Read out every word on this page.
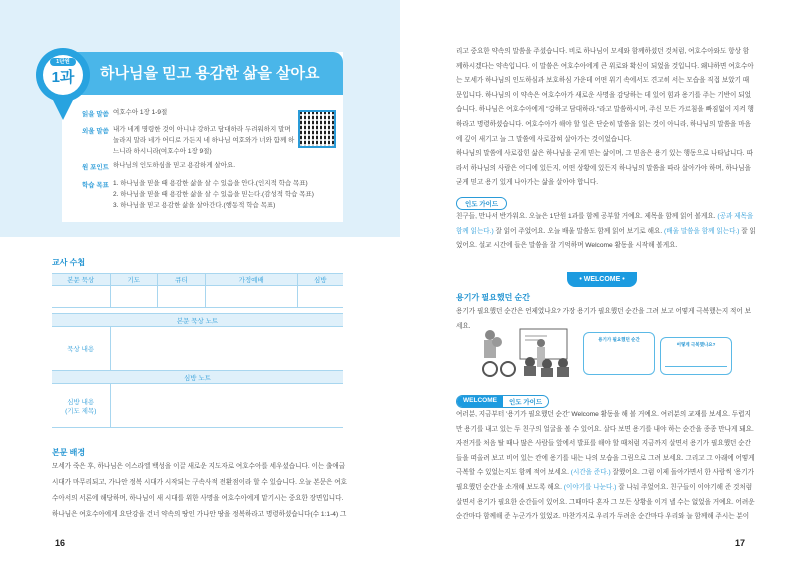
하나님을 믿고 용감한 삶을 살아요
1단원
1과
읽을 말씀 여호수아 1장 1-9절
외울 말씀 내가 네게 명령한 것이 아니냐 강하고 담대하라 두려워하지 말며
놀라지 말라 네가 어디로 가든지 네 하나님 여호와가 너와 함께 하
느니라 하시니라(여호수아 1장 9절)
원 포인트 하나님의 인도하심을 믿고 용감하게 살아요.
학습 목표 1. 하나님을 믿을 때 용감한 삶을 살 수 있음을 안다.(인지적 학습 목표)
2. 하나님을 믿을 때 용감한 삶을 살 수 있음을 믿는다.(감성적 학습 목표)
3. 하나님을 믿고 용감한 삶을 살아간다.(행동적 학습 목표)
교사 수첩
본문 묵상	기도	큐티	가정예배	심방

본문 묵상 노트				
묵상 내용				
심방 노트				

심방 내용
(기도 제목)				

본문 배경
모세가 죽은 후, 하나님은 이스라엘 백성을 이끌 새로운 지도자로 여호수아를 세우셨습니다. 이는 출애굽
시대가 마무리되고, 가나안 정복 시대가 시작되는 구속사적 전환점이라 할 수 있습니다. 오늘 본문은 여호
수아서의 서론에 해당하며, 하나님이 새 시대를 위한 사명을 여호수아에게 맡기시는 중요한 장면입니다.
하나님은 여호수아에게 요단강을 건너 약속의 땅인 가나안 땅을 정복하라고 명령하셨습니다(수 1:1-4) 그
16
리고 중요한 약속의 말씀을 주셨습니다. 비로 하나님이 모세와 함께하셨던 것처럼, 여호수아와도 항상 함
께하시겠다는 약속입니다. 이 말씀은 여호수아에게 큰 위로와 확신이 되었을 것입니다. 왜냐하면 여호수아
는 모세가 하나님의 인도하심과 보호하심 가운데 어떤 위기 속에서도 견고히 서는 모습을 직접 보았기 때
문입니다. 하나님의 이 약속은 여호수아가 새로운 사명을 감당하는 데 있어 힘과 용기를 주는 기반이 되었
습니다. 하나님은 여호수아에게 "강하고 담대하라."라고 말씀하시며, 주신 모든 가르침을 빠짐없이 지켜 행
하라고 명령하셨습니다. 여호수아가 해야 할 일은 단순히 말씀을 읽는 것이 아니라, 하나님의 말씀을 마음
에 깊이 새기고 늘 그 말씀에 사로잡혀 살아가는 것이었습니다.
하나님의 말씀에 사로잡힌 삶은 하나님을 굳게 믿는 삶이며, 그 믿음은 용기 있는 행동으로 나타납니다. 따
라서 하나님의 사람은 어디에 있든지, 어떤 상황에 있든지 하나님의 말씀을 따라 살아가야 하며, 하나님을
굳게 믿고 용기 있게 나아가는 삶을 살아야 합니다.
인도 가이드
친구들, 만나서 반가워요. 오늘은 1단원 1과를 함께 공부할 거예요. 제목을 함께 읽어 볼게요. (공과 제목을
함께 읽는다.) 잘 읽어 주었어요. 오늘 배울 말씀도 함께 읽어 보기로 해요. (배울 말씀을 함께 읽는다.) 잘 읽
었어요. 설교 시간에 들은 말씀을 잘 기억하며 Welcome 활동을 시작해 볼게요.
• WELCOME •
용기가 필요했던 순간
용기가 필요했던 순간은 언제였나요? 가장 용기가 필요했던 순간을 그려 보고 어떻게 극복했는지 적어 보
세요.
용기가 필요했던 순간
어떻게 극복했나요?
WELCOME	인도 가이드
여러분, 지금부터 '용기가 필요했던 순간' Welcome 활동을 해 볼 거예요. 여러분의 교재를 보세요. 두렵지
만 용기를 내고 있는 두 친구의 얼굴을 볼 수 있어요. 살다 보면 용기를 내야 하는 순간을 종종 만나게 돼요.
자전거를 처음 탈 때나 많은 사람들 앞에서 발표를 해야 할 때처럼 지금까지 살면서 용기가 필요했던 순간
들을 떠올려 보고 비어 있는 칸에 용기를 내는 나의 모습을 그림으로 그려 보세요. 그리고 그 아래에 어떻게
극복할 수 있었는지도 함께 적어 보세요. (시간을 준다.) 잘했어요. 그럼 이제 돌아가면서 한 사람씩 '용기가
필요했던 순간'을 소개해 보도록 해요. (이야기를 나눈다.) 잘 나눠 주었어요. 친구들이 이야기해 준 것처럼
살면서 용기가 필요한 순간들이 있어요. 그때마다 혼자 그 모든 상황을 이겨 낼 수는 없었을 거예요. 어려운
순간마다 함께해 준 누군가가 있었죠. 마찬가지로 우리가 두려운 순간마다 우리와 늘 함께해 주시는 분이
17
